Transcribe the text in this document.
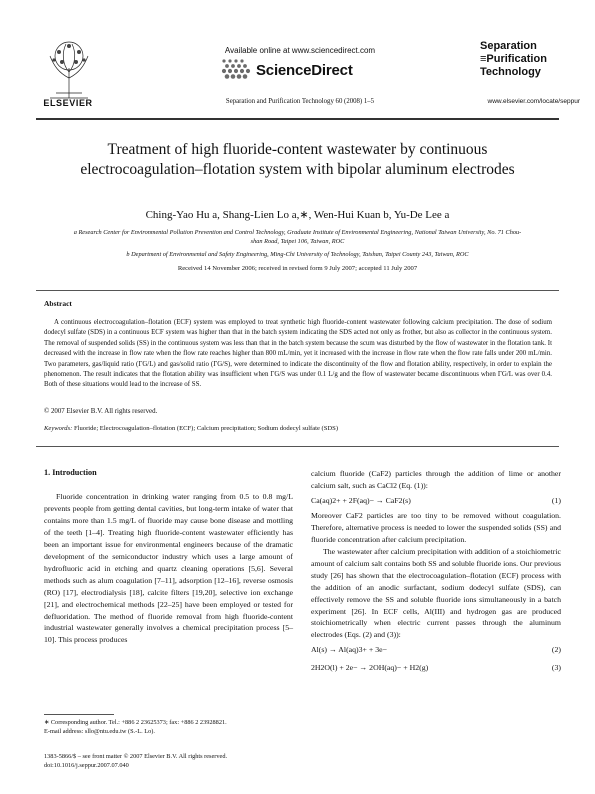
ELSEVIER
Available online at www.sciencedirect.com
ScienceDirect
Separation and Purification Technology 60 (2008) 1–5
Separation
≡Purification
Technology
www.elsevier.com/locate/seppur
Treatment of high fluoride-content wastewater by continuous electrocoagulation–flotation system with bipolar aluminum electrodes
Ching-Yao Hu a, Shang-Lien Lo a,∗, Wen-Hui Kuan b, Yu-De Lee a
a Research Center for Environmental Pollution Prevention and Control Technology, Graduate Institute of Environmental Engineering, National Taiwan University, No. 71 Chou-shan Road, Taipei 106, Taiwan, ROC
b Department of Environmental and Safety Engineering, Ming-Chi University of Technology, Taishan, Taipei County 243, Taiwan, ROC
Received 14 November 2006; received in revised form 9 July 2007; accepted 11 July 2007
Abstract
A continuous electrocoagulation–flotation (ECF) system was employed to treat synthetic high fluoride-content wastewater following calcium precipitation. The dose of sodium dodecyl sulfate (SDS) in a continuous ECF system was higher than that in the batch system indicating the SDS acted not only as frother, but also as collector in the continuous system. The removal of suspended solids (SS) in the continuous system was less than that in the batch system because the scum was disturbed by the flow of wastewater in the flotation tank. It decreased with the increase in flow rate when the flow rate reaches higher than 800 mL/min, yet it increased with the increase in flow rate when the flow rate falls under 200 mL/min. Two parameters, gas/liquid ratio (ΓG/L) and gas/solid ratio (ΓG/S), were determined to indicate the discontinuity of the flow and flotation ability, respectively, in order to explain the phenomenon. The result indicates that the flotation ability was insufficient when ΓG/S was under 0.1 L/g and the flow of wastewater became discontinuous when ΓG/L was over 0.4. Both of these situations would lead to the increase of SS.
© 2007 Elsevier B.V. All rights reserved.
Keywords: Fluoride; Electrocoagulation–flotation (ECF); Calcium precipitation; Sodium dodecyl sulfate (SDS)
1. Introduction
Fluoride concentration in drinking water ranging from 0.5 to 0.8 mg/L prevents people from getting dental cavities, but long-term intake of water that contains more than 1.5 mg/L of fluoride may cause bone disease and mottling of the teeth [1–4]. Treating high fluoride-content wastewater efficiently has been an important issue for environmental engineers because of the dramatic development of the semiconductor industry which uses a large amount of hydrofluoric acid in etching and quartz cleaning operations [5,6]. Several methods such as alum coagulation [7–11], adsorption [12–16], reverse osmosis (RO) [17], electrodialysis [18], calcite filters [19,20], selective ion exchange [21], and electrochemical methods [22–25] have been employed or tested for defluoridation. The method of fluoride removal from high fluoride-content industrial wastewater generally involves a chemical precipitation process [5–10]. This process produces
∗ Corresponding author. Tel.: +886 2 23625373; fax: +886 2 23928821.
E-mail address: sllo@ntu.edu.tw (S.-L. Lo).
1383-5866/$ – see front matter © 2007 Elsevier B.V. All rights reserved.
doi:10.1016/j.seppur.2007.07.040

calcium fluoride (CaF2) particles through the addition of lime or another calcium salt, such as CaCl2 (Eq. (1)):

Ca(aq)2+ + 2F(aq)− → CaF2(s)	(1)

Moreover CaF2 particles are too tiny to be removed without coagulation. Therefore, alternative process is needed to lower the suspended solids (SS) and fluoride concentration after calcium precipitation.

The wastewater after calcium precipitation with addition of a stoichiometric amount of calcium salt contains both SS and soluble fluoride ions. Our previous study [26] has shown that the electrocoagulation–flotation (ECF) process with the addition of an anodic surfactant, sodium dodecyl sulfate (SDS), can effectively remove the SS and soluble fluoride ions simultaneously in a batch experiment [26]. In ECF cells, Al(III) and hydrogen gas are produced stoichiometrically when electric current passes through the aluminum electrodes (Eqs. (2) and (3)):

Al(s) → Al(aq)3+ + 3e−	(2)
2H2O(l) + 2e− → 2OH(aq)− + H2(g)	(3)
